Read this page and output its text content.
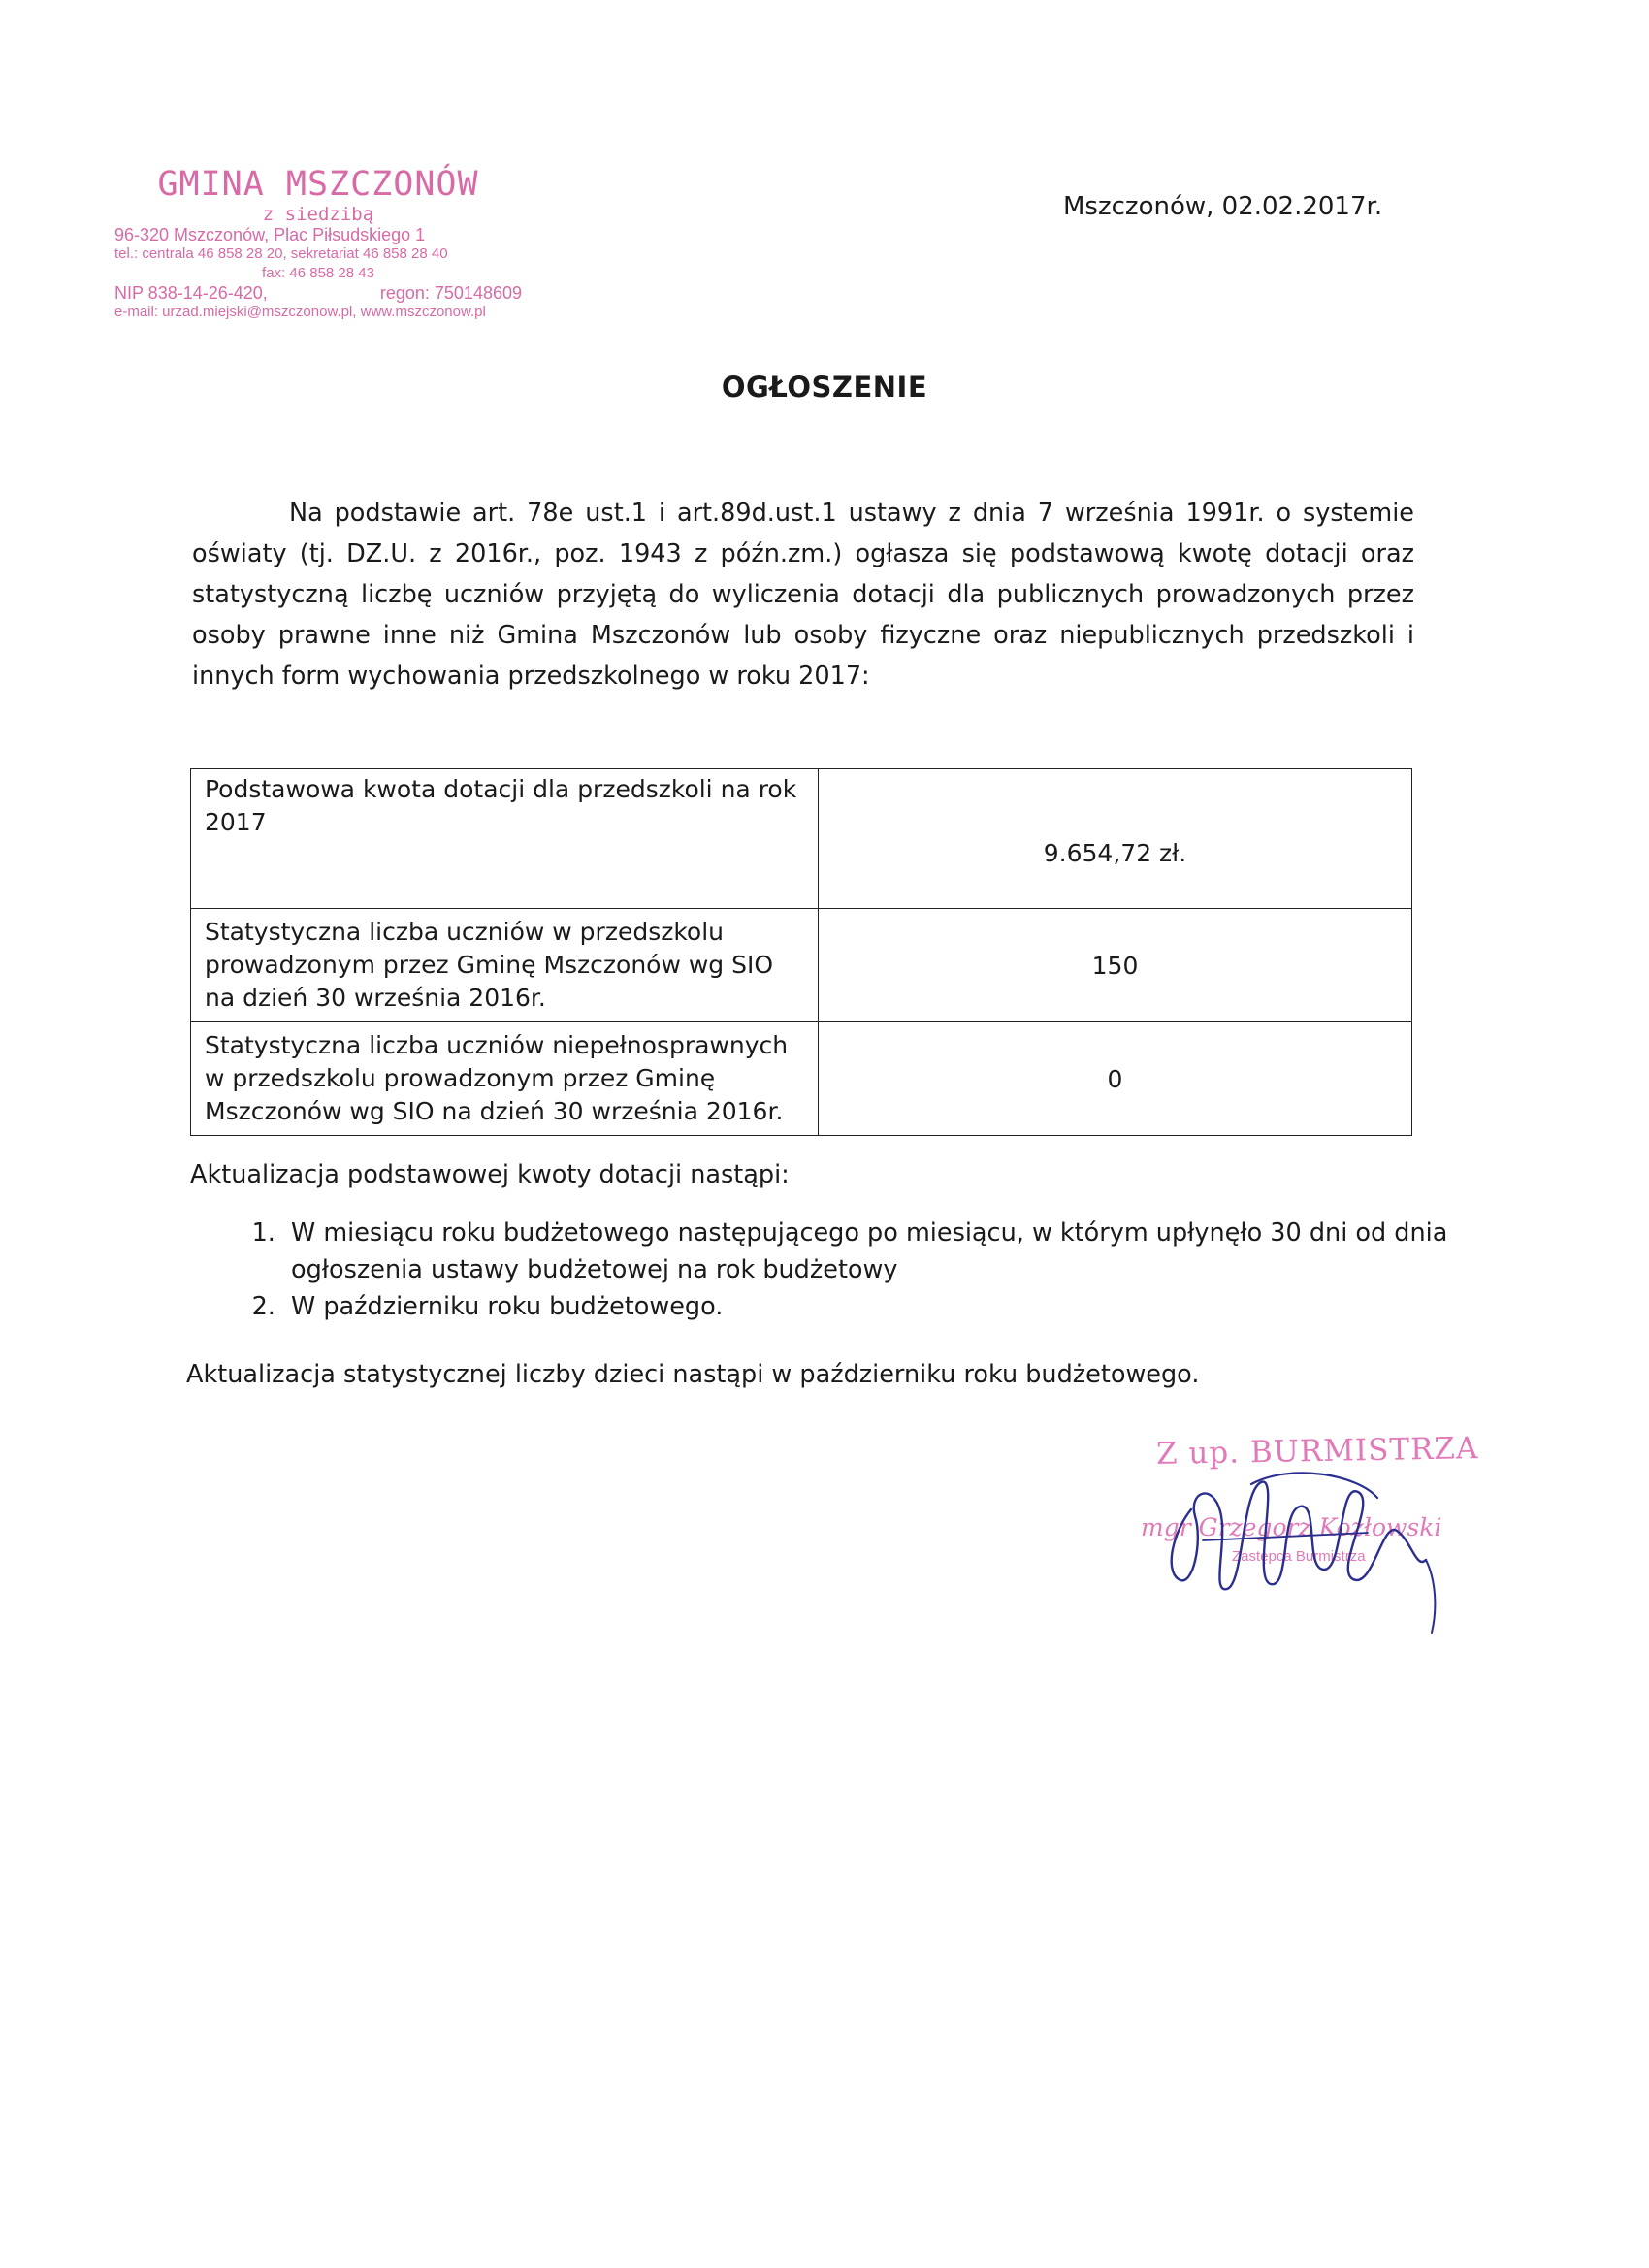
GMINA MSZCZONÓW
z siedzibą
96-320 Mszczonów, Plac Piłsudskiego 1
tel.: centrala 46 858 28 20, sekretariat 46 858 28 40
fax: 46 858 28 43
NIP 838-14-26-420,	regon: 750148609
e-mail: urzad.miejski@mszczonow.pl, www.mszczonow.pl
Mszczonów, 02.02.2017r.
OGŁOSZENIE

Na podstawie art. 78e ust.1 i art.89d.ust.1 ustawy z dnia 7 września 1991r. o systemie oświaty (tj. DZ.U. z 2016r., poz. 1943 z późn.zm.) ogłasza się podstawową kwotę dotacji oraz statystyczną liczbę uczniów przyjętą do wyliczenia dotacji dla publicznych prowadzonych przez osoby prawne inne niż Gmina Mszczonów lub osoby fizyczne oraz niepublicznych przedszkoli i innych form wychowania przedszkolnego w roku 2017:

Podstawowa kwota dotacji dla przedszkoli na rok 2017	9.654,72 zł.
Statystyczna liczba uczniów w przedszkolu prowadzonym przez Gminę Mszczonów wg SIO na dzień 30 września 2016r.	150
Statystyczna liczba uczniów niepełnosprawnych w przedszkolu prowadzonym przez Gminę Mszczonów wg SIO na dzień 30 września 2016r.	0
Aktualizacja podstawowej kwoty dotacji nastąpi:
1. W miesiącu roku budżetowego następującego po miesiącu, w którym upłynęło 30 dni od dnia ogłoszenia ustawy budżetowej na rok budżetowy
2. W październiku roku budżetowego.
Aktualizacja statystycznej liczby dzieci nastąpi w październiku roku budżetowego.
Z up. BURMISTRZA
mgr Grzegorz Kozłowski
Zastępca Burmistrza
